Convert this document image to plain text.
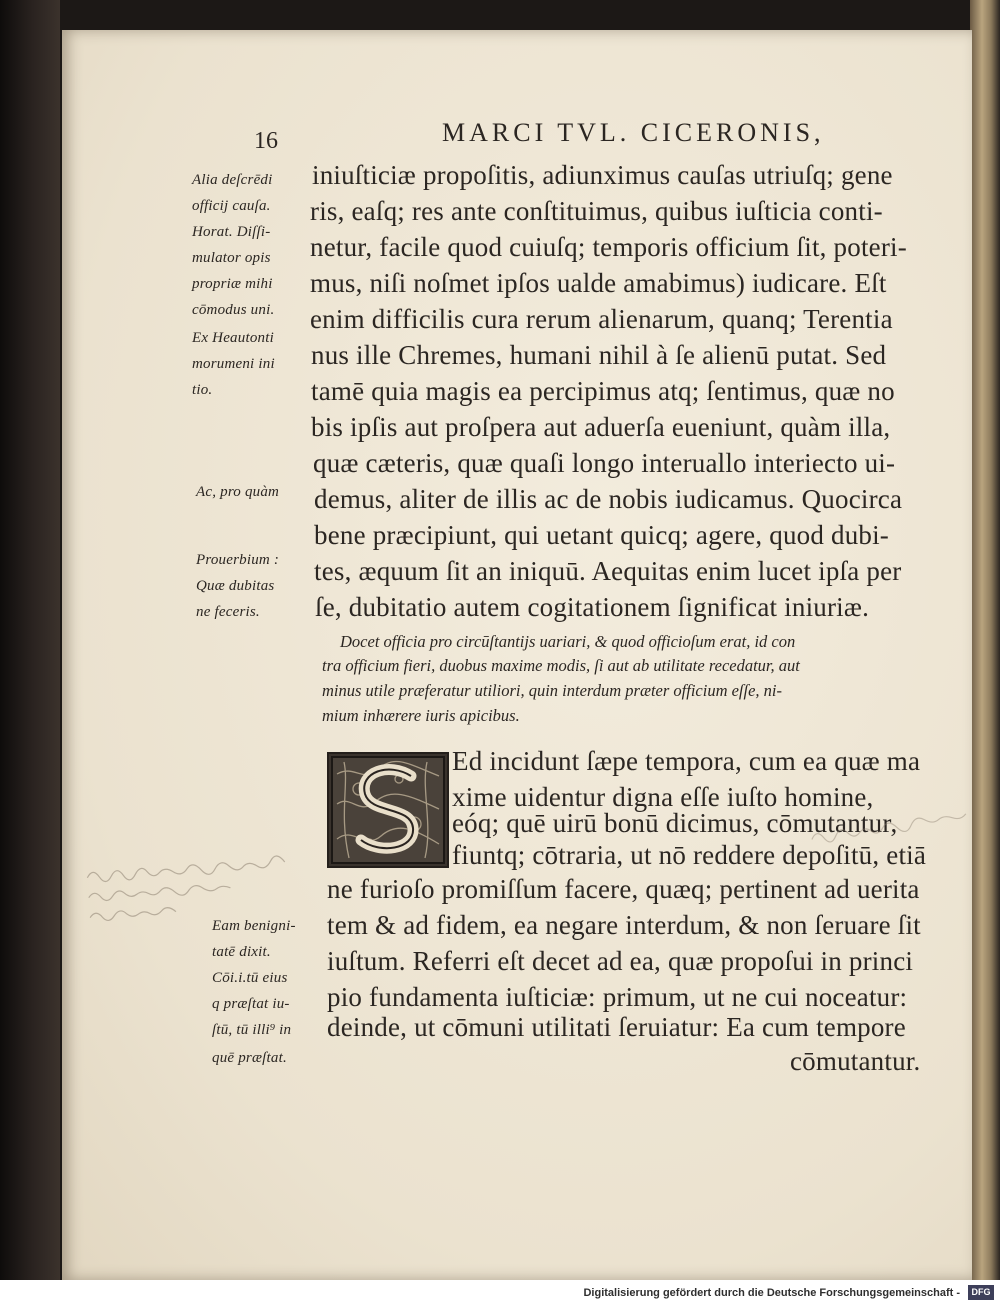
16	MARCI TVL. CICERONIS,
iniuſticiæ propoſitis, adiunximus cauſas utriuſq; gene
ris, eaſq; res ante conſtituimus, quibus iuſticia conti-
netur, facile quod cuiuſq; temporis officium ſit, poteri-
mus, niſi noſmet ipſos ualde amabimus) iudicare. Eſt
enim difficilis cura rerum alienarum, quanq; Terentia
nus ille Chremes, humani nihil à ſe alienū putat. Sed
tamē quia magis ea percipimus atq; ſentimus, quæ no
bis ipſis aut proſpera aut aduerſa eueniunt, quàm illa,
quæ cæteris, quæ quaſi longo interuallo interiecto ui-
demus, aliter de illis ac de nobis iudicamus. Quocirca
bene præcipiunt, qui uetant quicq; agere, quod dubi-
tes, æquum ſit an iniquū. Aequitas enim lucet ipſa per
ſe, dubitatio autem cogitationem ſignificat iniuriæ.
Alia deſcrēdi
officij cauſa.
Horat. Diſſi-
mulator opis
propriæ mihi
cōmodus uni.
Ex Heautonti
morumeni ini
tio.
Ac, pro quàm
Prouerbium :
Quæ dubitas
ne feceris.
Docet officia pro circūſtantijs uariari, & quod officioſum erat, id con
tra officium fieri, duobus maxime modis, ſi aut ab utilitate recedatur, aut
minus utile præferatur utiliori, quin interdum præter officium eſſe, ni-
mium inhærere iuris apicibus.
Ed incidunt ſæpe tempora, cum ea quæ ma
xime uidentur digna eſſe iuſto homine,
eóq; quē uirū bonū dicimus, cōmutantur,
fiuntq; cōtraria, ut nō reddere depoſitū, etiā
ne furioſo promiſſum facere, quæq; pertinent ad uerita
tem & ad fidem, ea negare interdum, & non ſeruare ſit
iuſtum. Referri eſt decet ad ea, quæ propoſui in princi
pio fundamenta iuſticiæ: primum, ut ne cui noceatur:
deinde, ut cōmuni utilitati ſeruiatur: Ea cum tempore
cōmutantur.
Eam benigni-
tatē dixit.
Cōi.i.tū eius
q præſtat iu-
ſtū, tū illi⁹ in
quē præſtat.
Digitalisierung gefördert durch die Deutsche Forschungsgemeinschaft -	DFG
